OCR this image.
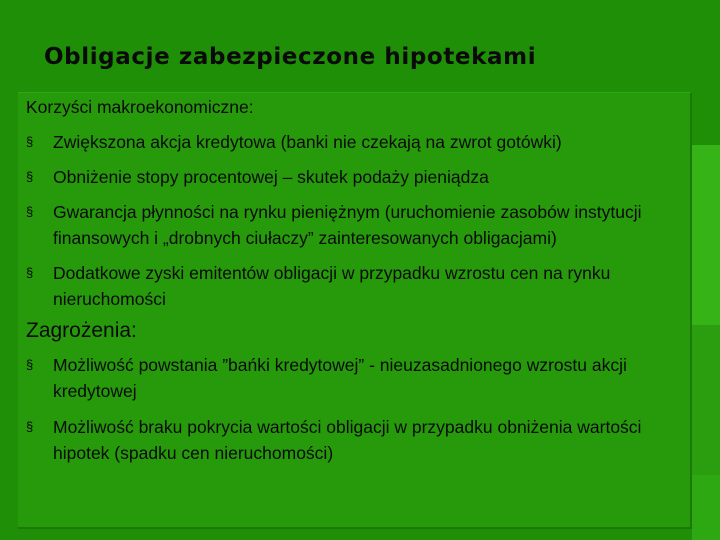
Obligacje zabezpieczone hipotekami

Korzyści makroekonomiczne:

§	Zwiększona akcja kredytowa (banki nie czekają na zwrot gotówki)
§	Obniżenie stopy procentowej – skutek podaży pieniądza
§	Gwarancja płynności na rynku pieniężnym (uruchomienie zasobów instytucji finansowych i „drobnych ciułaczy” zainteresowanych obligacjami)
§	Dodatkowe zyski emitentów obligacji w przypadku wzrostu cen na rynku nieruchomości

Zagrożenia:

§	Możliwość powstania ”bańki kredytowej” - nieuzasadnionego wzrostu akcji kredytowej
§	Możliwość braku pokrycia wartości obligacji w przypadku obniżenia wartości hipotek (spadku cen nieruchomości)
